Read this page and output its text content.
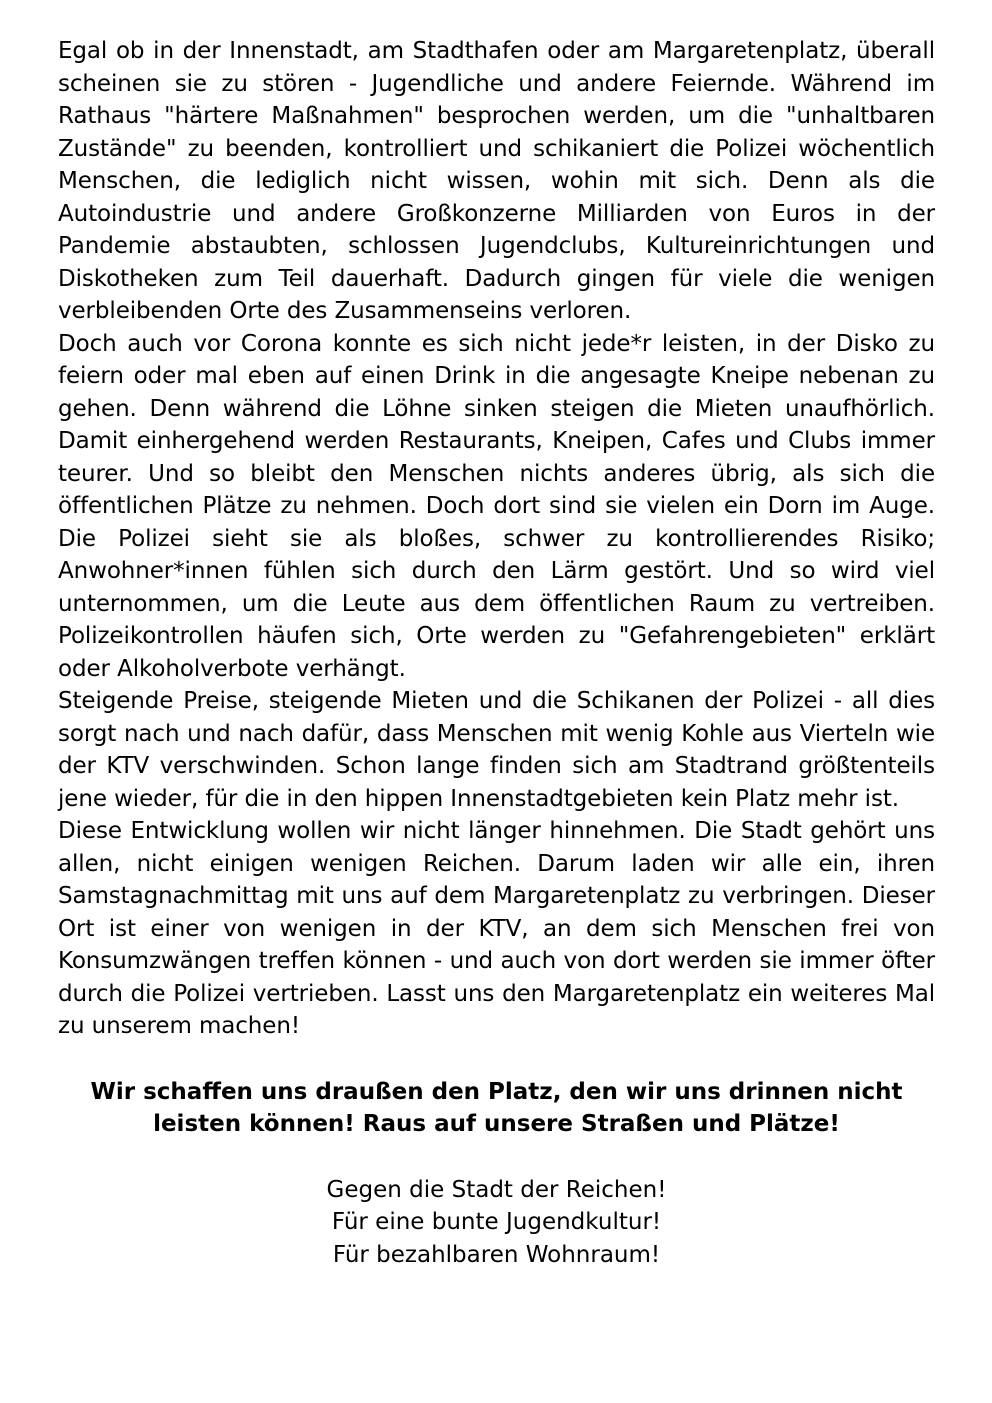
Egal ob in der Innenstadt, am Stadthafen oder am Margaretenplatz, überall scheinen sie zu stören - Jugendliche und andere Feiernde. Während im Rathaus "härtere Maßnahmen" besprochen werden, um die "unhaltbaren Zustände" zu beenden, kontrolliert und schikaniert die Polizei wöchentlich Menschen, die lediglich nicht wissen, wohin mit sich. Denn als die Autoindustrie und andere Großkonzerne Milliarden von Euros in der Pandemie abstaubten, schlossen Jugendclubs, Kultureinrichtungen und Diskotheken zum Teil dauerhaft. Dadurch gingen für viele die wenigen verbleibenden Orte des Zusammenseins verloren.

Doch auch vor Corona konnte es sich nicht jede*r leisten, in der Disko zu feiern oder mal eben auf einen Drink in die angesagte Kneipe nebenan zu gehen. Denn während die Löhne sinken steigen die Mieten unaufhörlich. Damit einhergehend werden Restaurants, Kneipen, Cafes und Clubs immer teurer. Und so bleibt den Menschen nichts anderes übrig, als sich die öffentlichen Plätze zu nehmen. Doch dort sind sie vielen ein Dorn im Auge. Die Polizei sieht sie als bloßes, schwer zu kontrollierendes Risiko; Anwohner*innen fühlen sich durch den Lärm gestört. Und so wird viel unternommen, um die Leute aus dem öffentlichen Raum zu vertreiben. Polizeikontrollen häufen sich, Orte werden zu "Gefahrengebieten" erklärt oder Alkoholverbote verhängt.

Steigende Preise, steigende Mieten und die Schikanen der Polizei - all dies sorgt nach und nach dafür, dass Menschen mit wenig Kohle aus Vierteln wie der KTV verschwinden. Schon lange finden sich am Stadtrand größtenteils jene wieder, für die in den hippen Innenstadtgebieten kein Platz mehr ist.

Diese Entwicklung wollen wir nicht länger hinnehmen. Die Stadt gehört uns allen, nicht einigen wenigen Reichen. Darum laden wir alle ein, ihren Samstagnachmittag mit uns auf dem Margaretenplatz zu verbringen. Dieser Ort ist einer von wenigen in der KTV, an dem sich Menschen frei von Konsumzwängen treffen können - und auch von dort werden sie immer öfter durch die Polizei vertrieben. Lasst uns den Margaretenplatz ein weiteres Mal zu unserem machen!

Wir schaffen uns draußen den Platz, den wir uns drinnen nicht leisten können! Raus auf unsere Straßen und Plätze!

Gegen die Stadt der Reichen!
Für eine bunte Jugendkultur!
Für bezahlbaren Wohnraum!
